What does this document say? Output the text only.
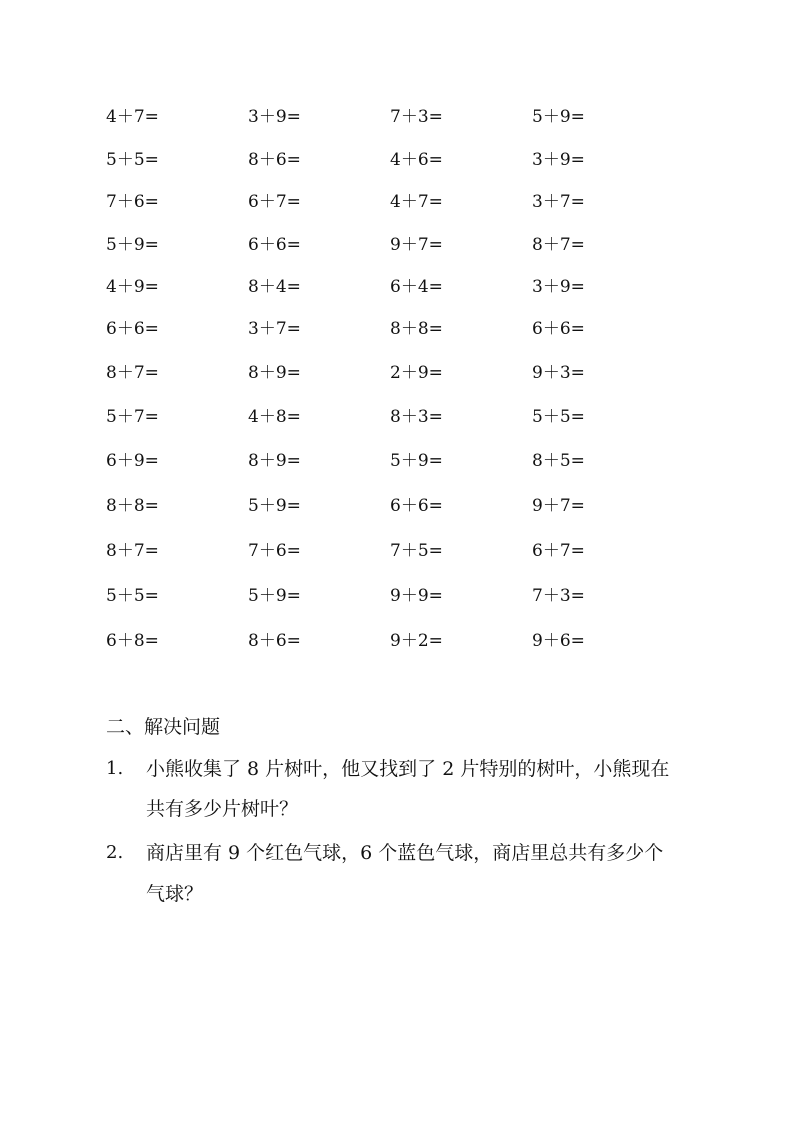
4＋7=	3＋9=	7＋3=	5＋9=
5＋5=	8＋6=	4＋6=	3＋9=
7＋6=	6＋7=	4＋7=	3＋7=
5＋9=	6＋6=	9＋7=	8＋7=
4＋9=	8＋4=	6＋4=	3＋9=
6＋6=	3＋7=	8＋8=	6＋6=
8＋7=	8＋9=	2＋9=	9＋3=
5＋7=	4＋8=	8＋3=	5＋5=
6＋9=	8＋9=	5＋9=	8＋5=
8＋8=	5＋9=	6＋6=	9＋7=
8＋7=	7＋6=	7＋5=	6＋7=
5＋5=	5＋9=	9＋9=	7＋3=
6＋8=	8＋6=	9＋2=	9＋6=
二、解决问题
1. 小熊收集了 8 片树叶，他又找到了 2 片特别的树叶，小熊现在
共有多少片树叶？
2. 商店里有 9 个红色气球，6 个蓝色气球，商店里总共有多少个
气球？
